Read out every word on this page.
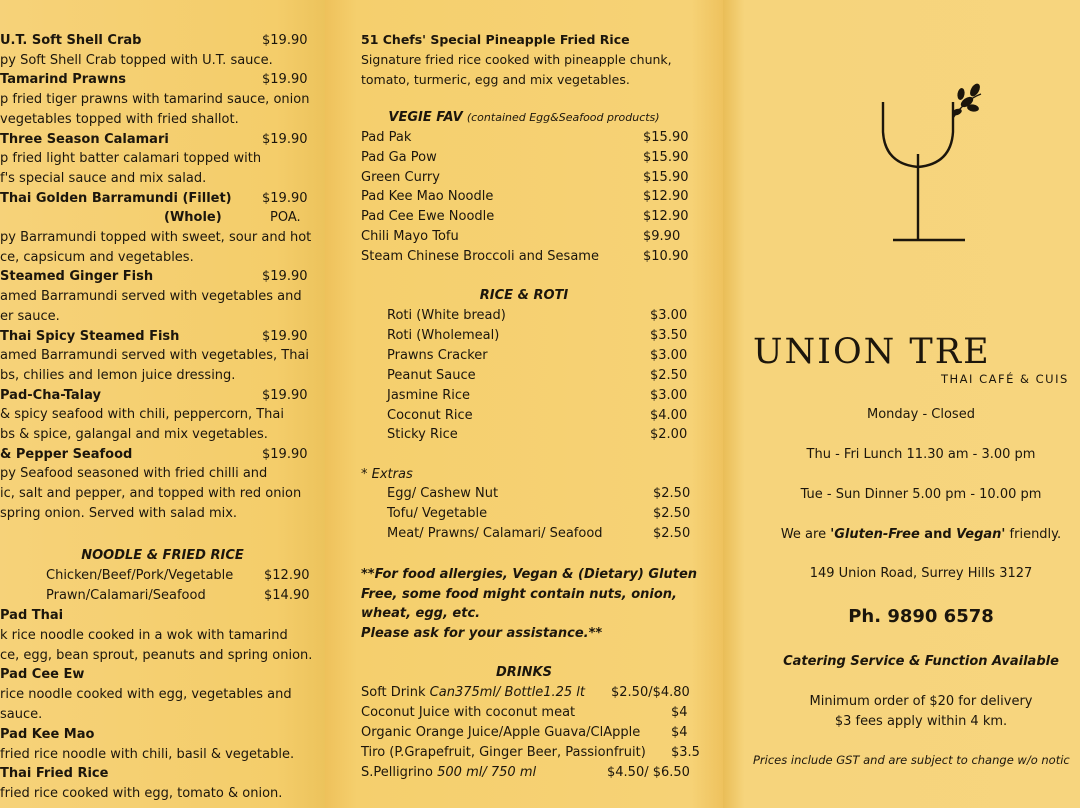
U.T. Soft Shell Crab	$19.90
py Soft Shell Crab topped with U.T. sauce.
Tamarind Prawns	$19.90
p fried tiger prawns with tamarind sauce, onion
vegetables topped with fried shallot.
Three Season Calamari	$19.90
p fried light batter calamari topped with
f's special sauce and mix salad.
Thai Golden Barramundi (Fillet) $19.90
(Whole)	POA.
py Barramundi topped with sweet, sour and hot
ce, capsicum and vegetables.
Steamed Ginger Fish	$19.90
amed Barramundi served with vegetables and
er sauce.
Thai Spicy Steamed Fish	$19.90
amed Barramundi served with vegetables, Thai
bs, chilies and lemon juice dressing.
Pad-Cha-Talay	$19.90
& spicy seafood with chili, peppercorn, Thai
bs & spice, galangal and mix vegetables.
& Pepper Seafood	$19.90
py Seafood seasoned with fried chilli and
ic, salt and pepper, and topped with red onion
spring onion. Served with salad mix.
NOODLE & FRIED RICE
Chicken/Beef/Pork/Vegetable $12.90
Prawn/Calamari/Seafood	$14.90
Pad Thai
k rice noodle cooked in a wok with tamarind
ce, egg, bean sprout, peanuts and spring onion.
Pad Cee Ew
rice noodle cooked with egg, vegetables and
sauce.
Pad Kee Mao
fried rice noodle with chili, basil & vegetable.
Thai Fried Rice
fried rice cooked with egg, tomato & onion.
51 Chefs' Special Pineapple Fried Rice
Signature fried rice cooked with pineapple chunk,
tomato, turmeric, egg and mix vegetables.
VEGIE FAV (contained Egg&Seafood products)
Pad Pak	$15.90
Pad Ga Pow	$15.90
Green Curry	$15.90
Pad Kee Mao Noodle	$12.90
Pad Cee Ewe Noodle	$12.90
Chili Mayo Tofu	$9.90
Steam Chinese Broccoli and Sesame	$10.90
RICE & ROTI
Roti (White bread)	$3.00
Roti (Wholemeal)	$3.50
Prawns Cracker	$3.00
Peanut Sauce	$2.50
Jasmine Rice	$3.00
Coconut Rice	$4.00
Sticky Rice	$2.00
* Extras
Egg/ Cashew Nut	$2.50
Tofu/ Vegetable	$2.50
Meat/ Prawns/ Calamari/ Seafood	$2.50
**For food allergies, Vegan & (Dietary) Gluten
Free, some food might contain nuts, onion,
wheat, egg, etc.
Please ask for your assistance.**
DRINKS
Soft Drink Can375ml/ Bottle1.25 lt $2.50/$4.80
Coconut Juice with coconut meat	$4
Organic Orange Juice/Apple Guava/ClApple $4
Tiro (P.Grapefruit, Ginger Beer, Passionfruit) $3.5
S.Pelligrino 500 ml/ 750 ml	$4.50/ $6.50
UNION TRE
THAI CAFÉ & CUIS
Monday - Closed
Thu - Fri Lunch 11.30 am - 3.00 pm
Tue - Sun Dinner 5.00 pm - 10.00 pm
We are 'Gluten-Free and Vegan' friendly.
149 Union Road, Surrey Hills 3127
Ph. 9890 6578
Catering Service & Function Available
Minimum order of $20 for delivery
$3 fees apply within 4 km.
Prices include GST and are subject to change w/o notic
